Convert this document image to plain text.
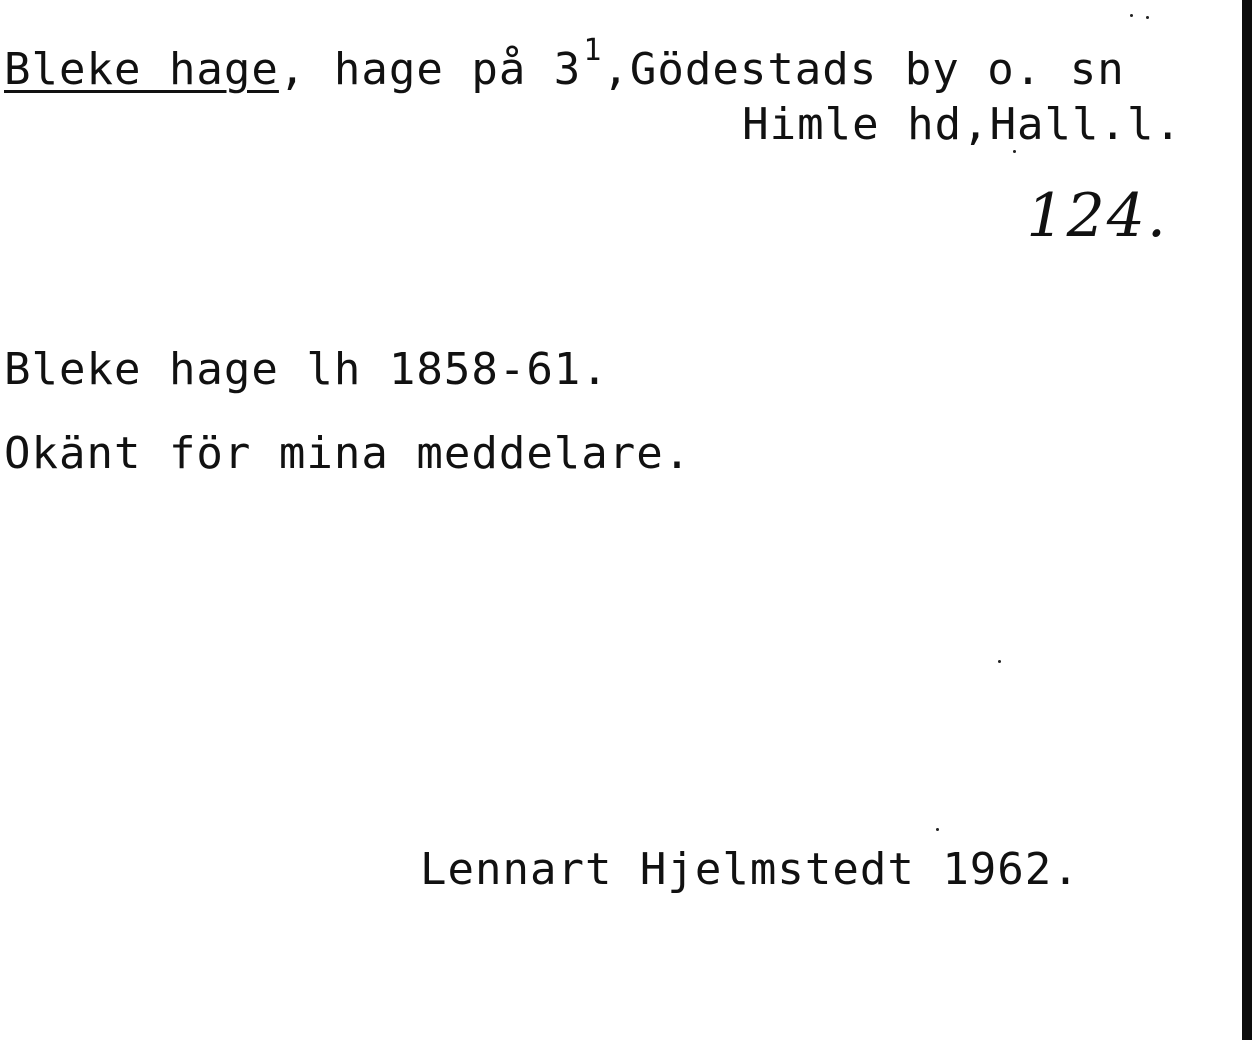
Bleke hage, hage på $3^1,Gödestads$ by o. sn
Himle hd,Hall.l.
124.
Bleke hage lh 1858-61.
Okänt för mina meddelare.
Lennart Hjelmstedt 1962.
